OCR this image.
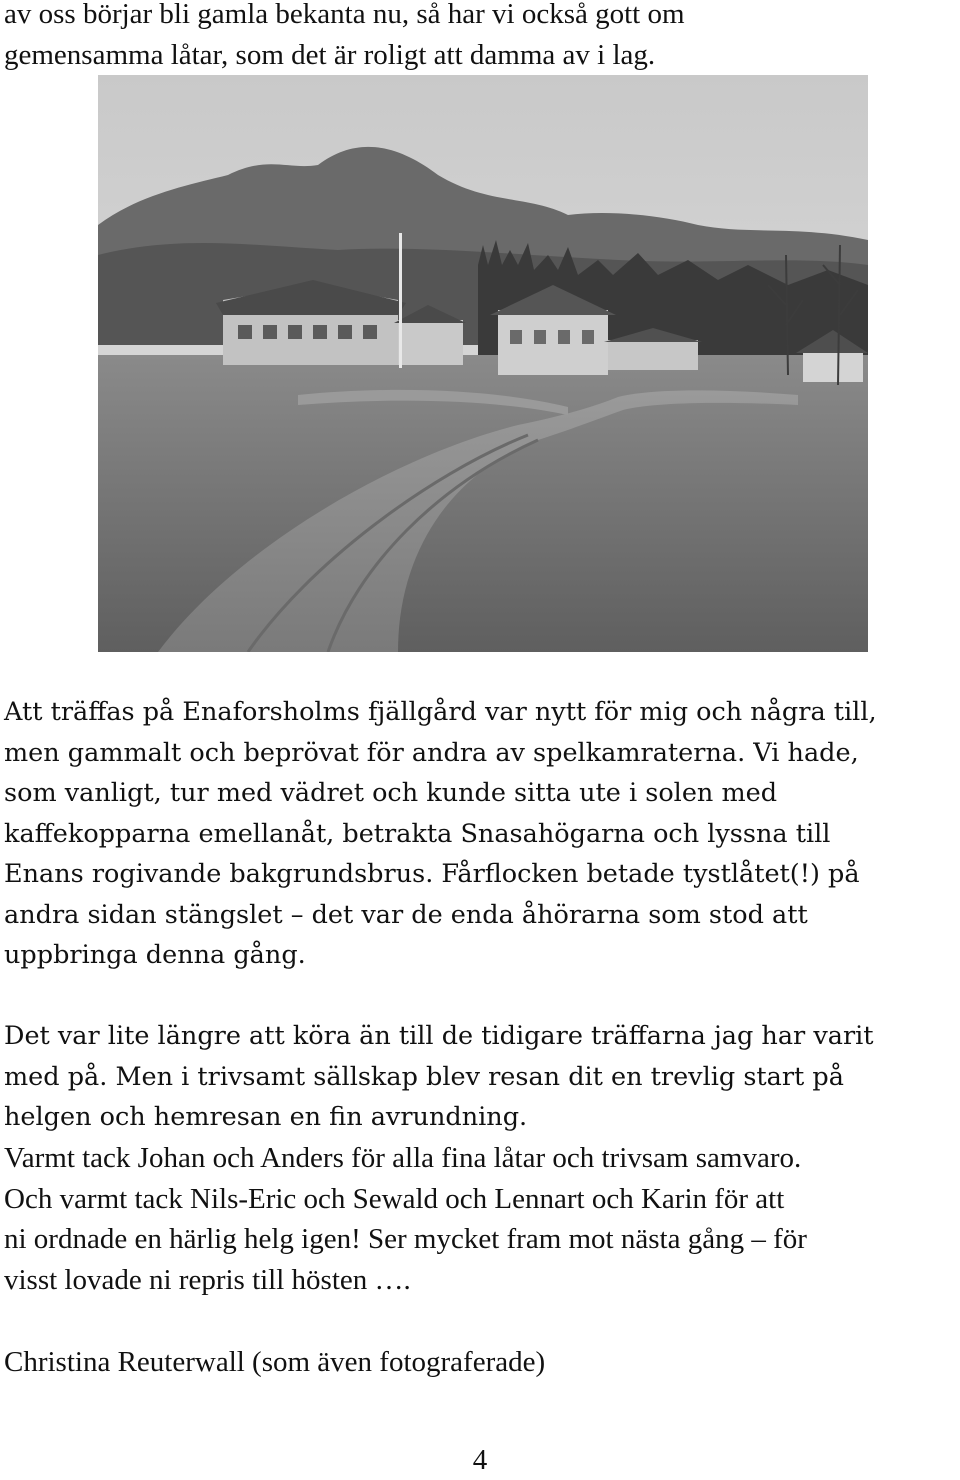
av oss börjar bli gamla bekanta nu, så har vi också gott om
gemensamma låtar, som det är roligt att damma av i lag.

Att träffas på Enaforsholms fjällgård var nytt för mig och några till,
men gammalt och beprövat för andra av spelkamraterna. Vi hade,
som vanligt, tur med vädret och kunde sitta ute i solen med
kaffekopparna emellanåt, betrakta Snasahögarna och lyssna till
Enans rogivande bakgrundsbrus. Fårflocken betade tystlåtet(!) på
andra sidan stängslet – det var de enda åhörarna som stod att
uppbringa denna gång.

Det var lite längre att köra än till de tidigare träffarna jag har varit
med på. Men i trivsamt sällskap blev resan dit en trevlig start på
helgen och hemresan en fin avrundning.

Varmt tack Johan och Anders för alla fina låtar och trivsam samvaro.
Och varmt tack Nils-Eric och Sewald och Lennart och Karin för att
ni ordnade en härlig helg igen! Ser mycket fram mot nästa gång – för
visst lovade ni repris till hösten ….

Christina Reuterwall (som även fotograferade)

4
